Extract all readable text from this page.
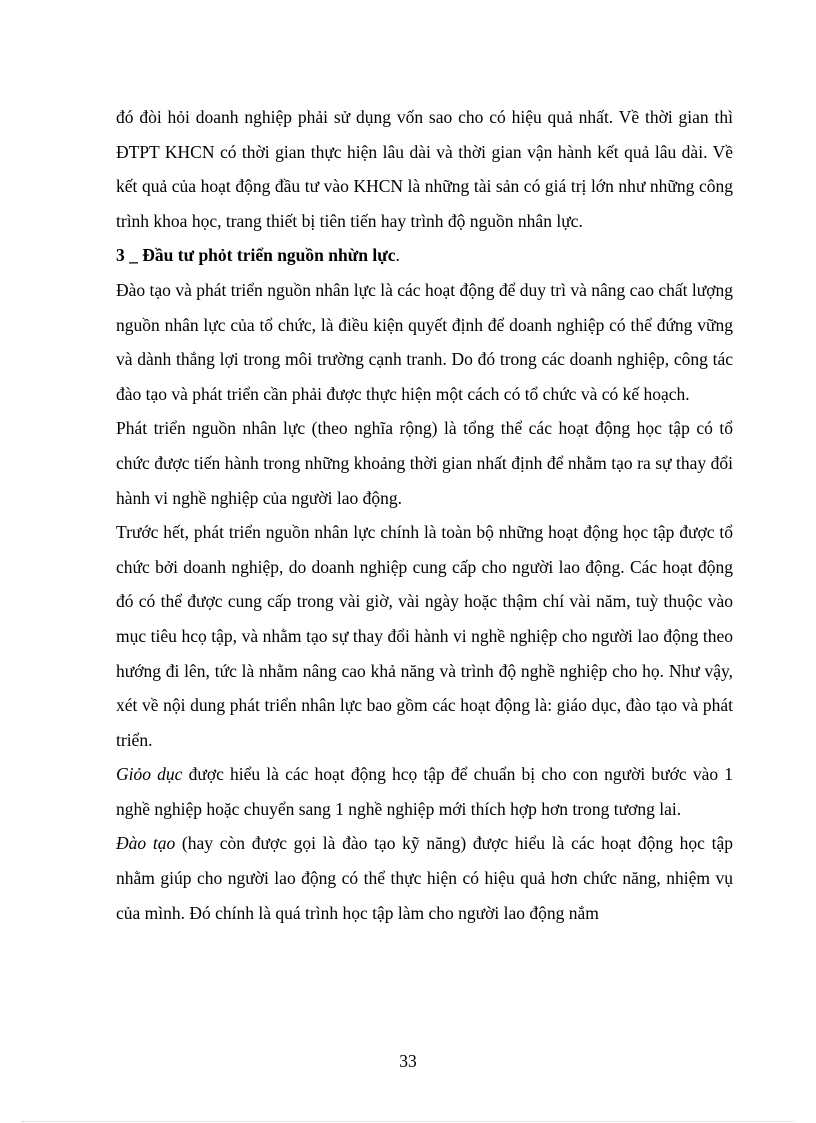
đó đòi hỏi doanh nghiệp phải sử dụng vốn sao cho có hiệu quả nhất. Về thời gian thì ĐTPT KHCN có thời gian thực hiện lâu dài và thời gian vận hành kết quả lâu dài. Về kết quả của hoạt động đầu tư vào KHCN là những tài sản có giá trị lớn như những công trình khoa học, trang thiết bị tiên tiến hay trình độ nguồn nhân lực.

3 _ Đầu tư phỏt triển nguồn nhừn lực.

Đào tạo và phát triển nguồn nhân lực là các hoạt động để duy trì và nâng cao chất lượng nguồn nhân lực của tổ chức, là điều kiện quyết định để doanh nghiệp có thể đứng vững và dành thắng lợi trong môi trường cạnh tranh. Do đó trong các doanh nghiệp, công tác đào tạo và phát triển cần phải được thực hiện một cách có tổ chức và có kế hoạch.

Phát triển nguồn nhân lực (theo nghĩa rộng) là tổng thể các hoạt động học tập có tổ chức được tiến hành trong những khoảng thời gian nhất định để nhằm tạo ra sự thay đổi hành vi nghề nghiệp của người lao động.

Trước hết, phát triển nguồn nhân lực chính là toàn bộ những hoạt động học tập được tổ chức bởi doanh nghiệp, do doanh nghiệp cung cấp cho người lao động. Các hoạt động đó có thể được cung cấp trong vài giờ, vài ngày hoặc thậm chí vài năm, tuỳ thuộc vào mục tiêu hcọ tập, và nhằm tạo sự thay đổi hành vi nghề nghiệp cho người lao động theo hướng đi lên, tức là nhằm nâng cao khả năng và trình độ nghề nghiệp cho họ. Như vậy, xét về nội dung phát triển nhân lực bao gồm các hoạt động là: giáo dục, đào tạo và phát triển.

Giỏo dục được hiểu là các hoạt động hcọ tập để chuẩn bị cho con người bước vào 1 nghề nghiệp hoặc chuyển sang 1 nghề nghiệp mới thích hợp hơn trong tương lai.

Đào tạo (hay còn được gọi là đào tạo kỹ năng) được hiểu là các hoạt động học tập nhằm giúp cho người lao động có thể thực hiện có hiệu quả hơn chức năng, nhiệm vụ của mình. Đó chính là quá trình học tập làm cho người lao động nắm

33
